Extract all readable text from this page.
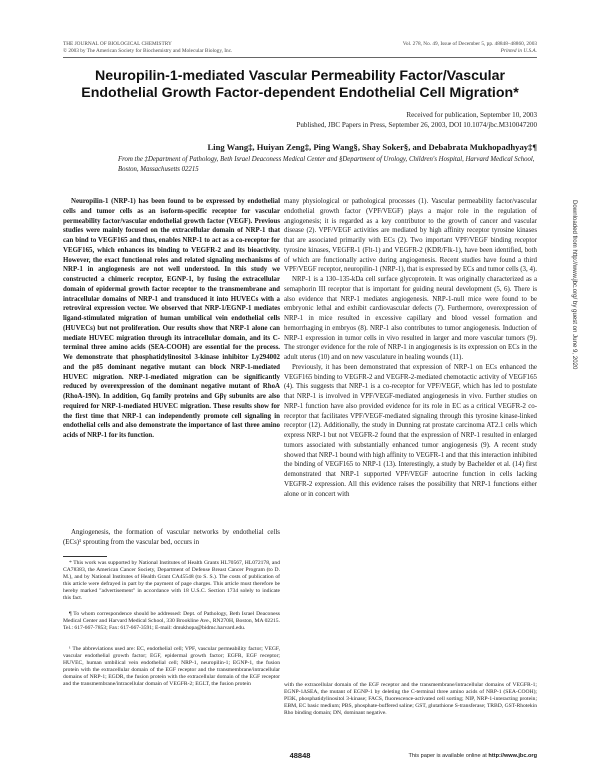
THE JOURNAL OF BIOLOGICAL CHEMISTRY
© 2003 by The American Society for Biochemistry and Molecular Biology, Inc.
Vol. 278, No. 49, Issue of December 5, pp. 48848–48860, 2003
Printed in U.S.A.
Neuropilin-1-mediated Vascular Permeability Factor/Vascular Endothelial Growth Factor-dependent Endothelial Cell Migration*
Received for publication, September 10, 2003
Published, JBC Papers in Press, September 26, 2003, DOI 10.1074/jbc.M310047200
Ling Wang‡, Huiyan Zeng‡, Ping Wang§, Shay Soker§, and Debabrata Mukhopadhyay‡¶
From the ‡Department of Pathology, Beth Israel Deaconess Medical Center and §Department of Urology, Children's Hospital, Harvard Medical School, Boston, Massachusetts 02215

Neuropilin-1 (NRP-1) has been found to be expressed by endothelial cells and tumor cells as an isoform-specific receptor for vascular permeability factor/vascular endothelial growth factor (VEGF). Previous studies were mainly focused on the extracellular domain of NRP-1 that can bind to VEGF165 and thus, enables NRP-1 to act as a co-receptor for VEGF165, which enhances its binding to VEGFR-2 and its bioactivity. However, the exact functional roles and related signaling mechanisms of NRP-1 in angiogenesis are not well understood. In this study we constructed a chimeric receptor, EGNP-1, by fusing the extracellular domain of epidermal growth factor receptor to the transmembrane and intracellular domains of NRP-1 and transduced it into HUVECs with a retroviral expression vector. We observed that NRP-1/EGNP-1 mediates ligand-stimulated migration of human umbilical vein endothelial cells (HUVECs) but not proliferation. Our results show that NRP-1 alone can mediate HUVEC migration through its intracellular domain, and its C-terminal three amino acids (SEA-COOH) are essential for the process. We demonstrate that phosphatidylinositol 3-kinase inhibitor Ly294002 and the p85 dominant negative mutant can block NRP-1-mediated HUVEC migration. NRP-1-mediated migration can be significantly reduced by overexpression of the dominant negative mutant of RhoA (RhoA-19N). In addition, Gq family proteins and Gβγ subunits are also required for NRP-1-mediated HUVEC migration. These results show for the first time that NRP-1 can independently promote cell signaling in endothelial cells and also demonstrate the importance of last three amino acids of NRP-1 for its function.

Angiogenesis, the formation of vascular networks by endothelial cells (ECs)¹ sprouting from the vascular bed, occurs in

* This work was supported by National Institutes of Health Grants HL70567, HL072178, and CA78383, the American Cancer Society, Department of Defense Breast Cancer Program (to D. M.), and by National Institutes of Health Grant CA45548 (to S. S.). The costs of publication of this article were defrayed in part by the payment of page charges. This article must therefore be hereby marked "advertisement" in accordance with 18 U.S.C. Section 1734 solely to indicate this fact.

¶ To whom correspondence should be addressed: Dept. of Pathology, Beth Israel Deaconess Medical Center and Harvard Medical School, 330 Brookline Ave., RN270H, Boston, MA 02215. Tel.: 617-667-7853; Fax: 617-667-3591; E-mail: dmukhopa@bidmc.harvard.edu.

¹ The abbreviations used are: EC, endothelial cell; VPF, vascular permeability factor; VEGF, vascular endothelial growth factor; EGF, epidermal growth factor; EGFR, EGF receptor; HUVEC, human umbilical vein endothelial cell; NRP-1, neuropilin-1; EGNP-1, the fusion protein with the extracellular domain of the EGF receptor and the transmembrane/intracellular domains of NRP-1; EGDR, the fusion protein with the extracellular domain of the EGF receptor and the transmembrane/intracellular domain of VEGFR-2; EGLT, the fusion protein

many physiological or pathological processes (1). Vascular permeability factor/vascular endothelial growth factor (VPF/VEGF) plays a major role in the regulation of angiogenesis; it is regarded as a key contributor to the growth of cancer and vascular disease (2). VPF/VEGF activities are mediated by high affinity receptor tyrosine kinases that are associated primarily with ECs (2). Two important VPF/VEGF binding receptor tyrosine kinases, VEGFR-1 (Flt-1) and VEGFR-2 (KDR/Flk-1), have been identified, both of which are functionally active during angiogenesis. Recent studies have found a third VPF/VEGF receptor, neuropilin-1 (NRP-1), that is expressed by ECs and tumor cells (3, 4).

NRP-1 is a 130–135-kDa cell surface glycoprotein. It was originally characterized as a semaphorin III receptor that is important for guiding neural development (5, 6). There is also evidence that NRP-1 mediates angiogenesis. NRP-1-null mice were found to be embryonic lethal and exhibit cardiovascular defects (7). Furthermore, overexpression of NRP-1 in mice resulted in excessive capillary and blood vessel formation and hemorrhaging in embryos (8). NRP-1 also contributes to tumor angiogenesis. Induction of NRP-1 expression in tumor cells in vivo resulted in larger and more vascular tumors (9). The stronger evidence for the role of NRP-1 in angiogenesis is its expression on ECs in the adult uterus (10) and on new vasculature in healing wounds (11).

Previously, it has been demonstrated that expression of NRP-1 on ECs enhanced the VEGF165 binding to VEGFR-2 and VEGFR-2-mediated chemotactic activity of VEGF165 (4). This suggests that NRP-1 is a co-receptor for VPF/VEGF, which has led to postulate that NRP-1 is involved in VPF/VEGF-mediated angiogenesis in vivo. Further studies on NRP-1 function have also provided evidence for its role in EC as a critical VEGFR-2 co-receptor that facilitates VPF/VEGF-mediated signaling through this tyrosine kinase-linked receptor (12). Additionally, the study in Dunning rat prostate carcinoma AT2.1 cells which express NRP-1 but not VEGFR-2 found that the expression of NRP-1 resulted in enlarged tumors associated with substantially enhanced tumor angiogenesis (9). A recent study showed that NRP-1 bound with high affinity to VEGFR-1 and that this interaction inhibited the binding of VEGF165 to NRP-1 (13). Interestingly, a study by Bachelder et al. (14) first demonstrated that NRP-1 supported VPF/VEGF autocrine function in cells lacking VEGFR-2 expression. All this evidence raises the possibility that NRP-1 functions either alone or in concert with

with the extracellular domain of the EGF receptor and the transmembrane/intracellular domains of VEGFR-1; EGNP-1ΔSEA, the mutant of EGNP-1 by deleting the C-terminal three amino acids of NRP-1 (SEA-COOH); PI3K, phosphatidylinositol 3-kinase; FACS, fluorescence-activated cell sorting; NIP, NRP-1-interacting protein; EBM, EC basic medium; PBS, phosphate-buffered saline; GST, glutathione S-transferase; TRBD, GST-Rhotekin Rho binding domain; DN, dominant negative.

48848	This paper is available online at http://www.jbc.org
Downloaded from http://www.jbc.org/ by guest on June 9, 2020
